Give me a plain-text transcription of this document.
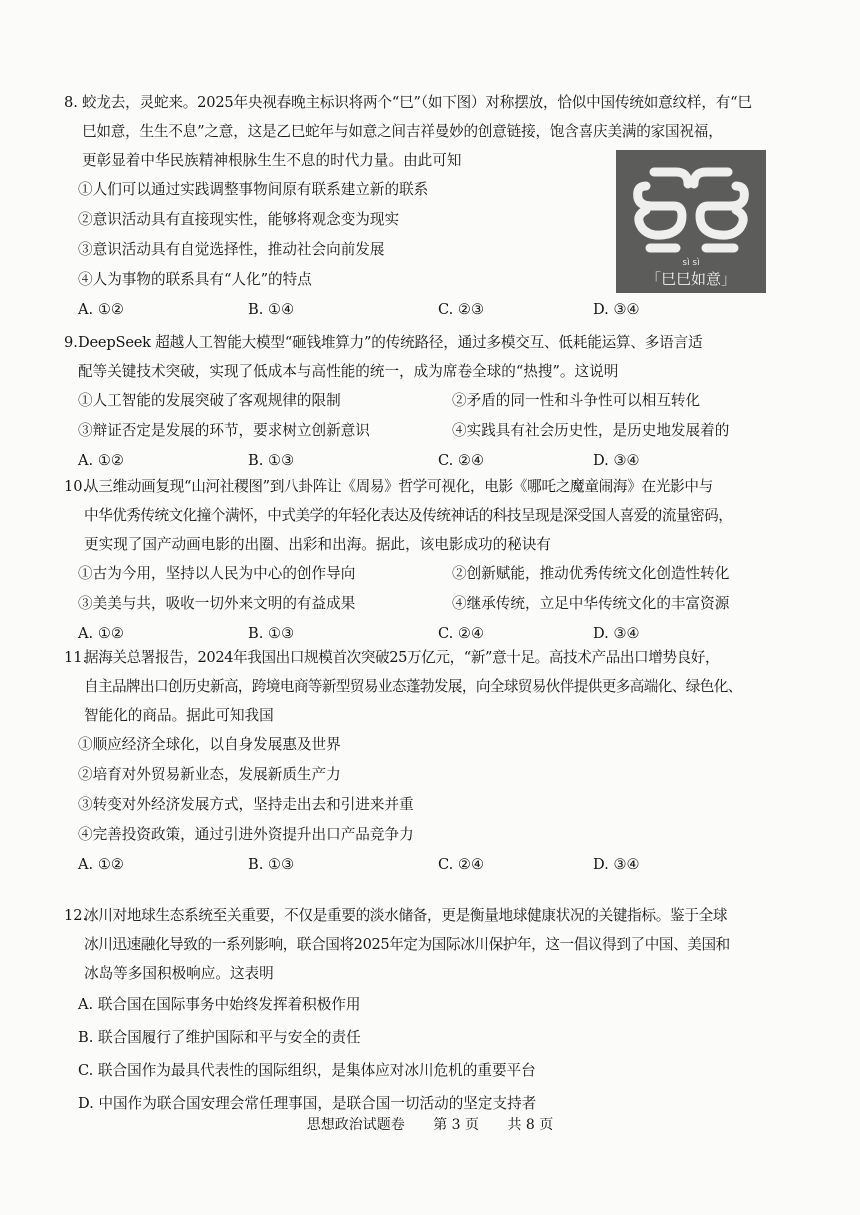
8. 蛟龙去，灵蛇来。2025年央视春晚主标识将两个“巳”（如下图）对称摆放，恰似中国传统如意纹样，有“巳
巳如意，生生不息”之意，这是乙巳蛇年与如意之间吉祥曼妙的创意链接，饱含喜庆美满的家国祝福，
更彰显着中华民族精神根脉生生不息的时代力量。由此可知
①人们可以通过实践调整事物间原有联系建立新的联系
②意识活动具有直接现实性，能够将观念变为现实
③意识活动具有自觉选择性，推动社会向前发展
④人为事物的联系具有“人化”的特点
A. ①②	B. ①④	C. ②③	D. ③④
sì sì
「巳巳如意」
9. DeepSeek 超越人工智能大模型“砸钱堆算力”的传统路径，通过多模交互、低耗能运算、多语言适
配等关键技术突破，实现了低成本与高性能的统一，成为席卷全球的“热搜”。这说明
①人工智能的发展突破了客观规律的限制	②矛盾的同一性和斗争性可以相互转化
③辩证否定是发展的环节，要求树立创新意识	④实践具有社会历史性，是历史地发展着的
A. ①②	B. ①③	C. ②④	D. ③④
10.
从三维动画复现“山河社稷图”到八卦阵让《周易》哲学可视化，电影《哪吒之魔童闹海》在光影中与
中华优秀传统文化撞个满怀，中式美学的年轻化表达及传统神话的科技呈现是深受国人喜爱的流量密码，
更实现了国产动画电影的出圈、出彩和出海。据此，该电影成功的秘诀有
①古为今用，坚持以人民为中心的创作导向	②创新赋能，推动优秀传统文化创造性转化
③美美与共，吸收一切外来文明的有益成果	④继承传统，立足中华传统文化的丰富资源
A. ①②	B. ①③	C. ②④	D. ③④
11.
据海关总署报告，2024年我国出口规模首次突破25万亿元，“新”意十足。高技术产品出口增势良好，
自主品牌出口创历史新高，跨境电商等新型贸易业态蓬勃发展，向全球贸易伙伴提供更多高端化、绿色化、
智能化的商品。据此可知我国
①顺应经济全球化，以自身发展惠及世界
②培育对外贸易新业态，发展新质生产力
③转变对外经济发展方式，坚持走出去和引进来并重
④完善投资政策，通过引进外资提升出口产品竞争力
A. ①②	B. ①③	C. ②④	D. ③④
12.
冰川对地球生态系统至关重要，不仅是重要的淡水储备，更是衡量地球健康状况的关键指标。鉴于全球
冰川迅速融化导致的一系列影响，联合国将2025年定为国际冰川保护年，这一倡议得到了中国、美国和
冰岛等多国积极响应。这表明
A. 联合国在国际事务中始终发挥着积极作用
B. 联合国履行了维护国际和平与安全的责任
C. 联合国作为最具代表性的国际组织，是集体应对冰川危机的重要平台
D. 中国作为联合国安理会常任理事国，是联合国一切活动的坚定支持者
思想政治试题卷 第 3 页 共 8 页
